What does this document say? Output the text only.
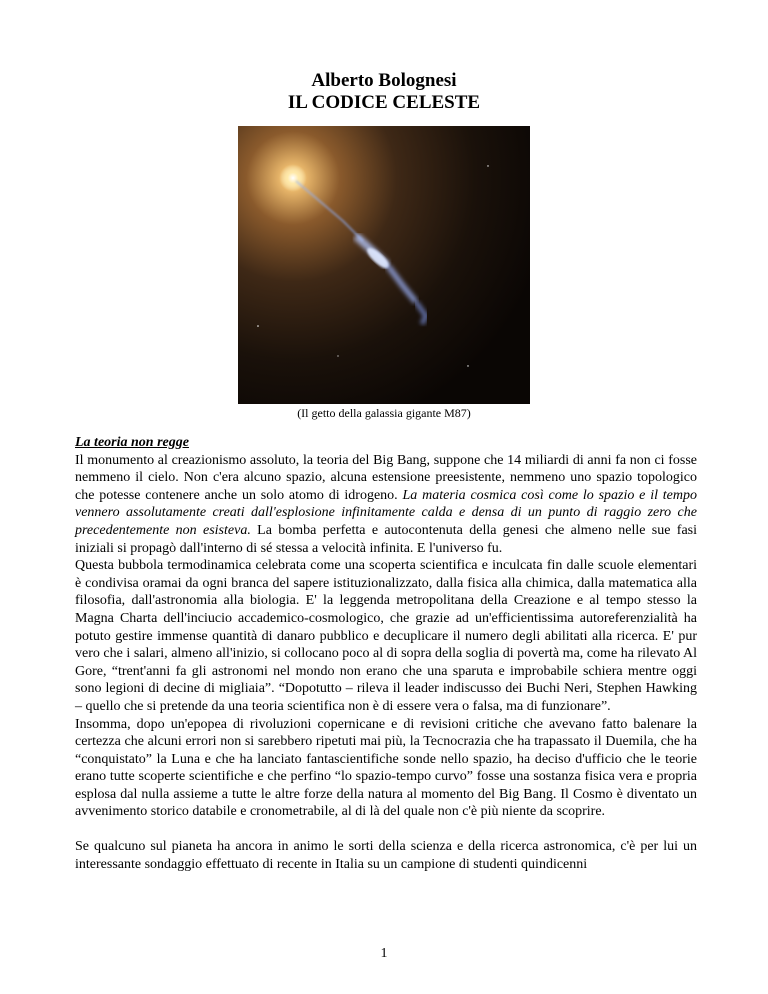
Alberto Bolognesi
IL CODICE CELESTE
(Il getto della galassia gigante M87)
La teoria non regge

Il monumento al creazionismo assoluto, la teoria del Big Bang, suppone che 14 miliardi di anni fa non ci fosse nemmeno il cielo. Non c'era alcuno spazio, alcuna estensione preesistente, nemmeno uno spazio topologico che potesse contenere anche un solo atomo di idrogeno. La materia cosmica così come lo spazio e il tempo vennero assolutamente creati dall'esplosione infinitamente calda e densa di un punto di raggio zero che precedentemente non esisteva. La bomba perfetta e autocontenuta della genesi che almeno nelle sue fasi iniziali si propagò dall'interno di sé stessa a velocità infinita. E l'universo fu.

Questa bubbola termodinamica celebrata come una scoperta scientifica e inculcata fin dalle scuole elementari è condivisa oramai da ogni branca del sapere istituzionalizzato, dalla fisica alla chimica, dalla matematica alla filosofia, dall'astronomia alla biologia. E' la leggenda metropolitana della Creazione e al tempo stesso la Magna Charta dell'inciucio accademico-cosmologico, che grazie ad un'efficientissima autoreferenzialità ha potuto gestire immense quantità di danaro pubblico e decuplicare il numero degli abilitati alla ricerca. E' pur vero che i salari, almeno all'inizio, si collocano poco al di sopra della soglia di povertà ma, come ha rilevato Al Gore, “trent'anni fa gli astronomi nel mondo non erano che una sparuta e improbabile schiera mentre oggi sono legioni di decine di migliaia”. “Dopotutto – rileva il leader indiscusso dei Buchi Neri, Stephen Hawking – quello che si pretende da una teoria scientifica non è di essere vera o falsa, ma di funzionare”.

Insomma, dopo un'epopea di rivoluzioni copernicane e di revisioni critiche che avevano fatto balenare la certezza che alcuni errori non si sarebbero ripetuti mai più, la Tecnocrazia che ha trapassato il Duemila, che ha “conquistato” la Luna e che ha lanciato fantascientifiche sonde nello spazio, ha deciso d'ufficio che le teorie erano tutte scoperte scientifiche e che perfino “lo spazio-tempo curvo” fosse una sostanza fisica vera e propria esplosa dal nulla assieme a tutte le altre forze della natura al momento del Big Bang. Il Cosmo è diventato un avvenimento storico databile e cronometrabile, al di là del quale non c'è più niente da scoprire.

Se qualcuno sul pianeta ha ancora in animo le sorti della scienza e della ricerca astronomica, c'è per lui un interessante sondaggio effettuato di recente in Italia su un campione di studenti quindicenni

1
